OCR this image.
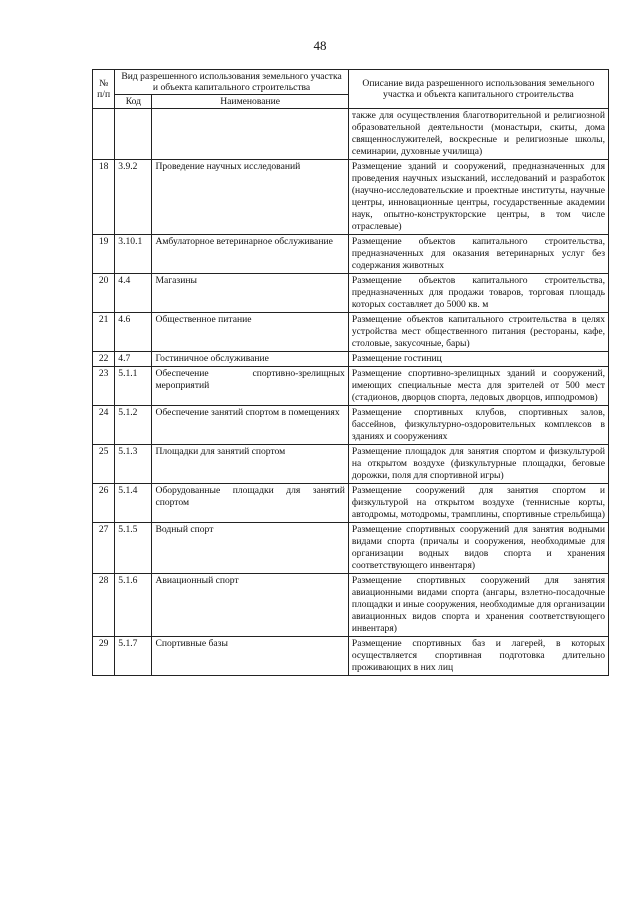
48
№ п/п	Вид разрешенного использования земельного участка и объекта капитального строительства		Описание вида разрешенного использования земельного участка и объекта капитального строительства
	Код	Наименование	
			также для осуществления благотворительной и религиозной образовательной деятельности (монастыри, скиты, дома священнослужителей, воскресные и религиозные школы, семинарии, духовные училища)
18	3.9.2	Проведение научных исследований	Размещение зданий и сооружений, предназначенных для проведения научных изысканий, исследований и разработок (научно-исследовательские и проектные институты, научные центры, инновационные центры, государственные академии наук, опытно-конструкторские центры, в том числе отраслевые)
19	3.10.1	Амбулаторное ветеринарное обслуживание	Размещение объектов капитального строительства, предназначенных для оказания ветеринарных услуг без содержания животных
20	4.4	Магазины	Размещение объектов капитального строительства, предназначенных для продажи товаров, торговая площадь которых составляет до 5000 кв. м
21	4.6	Общественное питание	Размещение объектов капитального строительства в целях устройства мест общественного питания (рестораны, кафе, столовые, закусочные, бары)
22	4.7	Гостиничное обслуживание	Размещение гостиниц
23	5.1.1	Обеспечение спортивно-зрелищных мероприятий	Размещение спортивно-зрелищных зданий и сооружений, имеющих специальные места для зрителей от 500 мест (стадионов, дворцов спорта, ледовых дворцов, ипподромов)
24	5.1.2	Обеспечение занятий спортом в помещениях	Размещение спортивных клубов, спортивных залов, бассейнов, физкультурно-оздоровительных комплексов в зданиях и сооружениях
25	5.1.3	Площадки для занятий спортом	Размещение площадок для занятия спортом и физкультурой на открытом воздухе (физкультурные площадки, беговые дорожки, поля для спортивной игры)
26	5.1.4	Оборудованные площадки для занятий спортом	Размещение сооружений для занятия спортом и физкультурой на открытом воздухе (теннисные корты, автодромы, мотодромы, трамплины, спортивные стрельбища)
27	5.1.5	Водный спорт	Размещение спортивных сооружений для занятия водными видами спорта (причалы и сооружения, необходимые для организации водных видов спорта и хранения соответствующего инвентаря)
28	5.1.6	Авиационный спорт	Размещение спортивных сооружений для занятия авиационными видами спорта (ангары, взлетно-посадочные площадки и иные сооружения, необходимые для организации авиационных видов спорта и хранения соответствующего инвентаря)
29	5.1.7	Спортивные базы	Размещение спортивных баз и лагерей, в которых осуществляется спортивная подготовка длительно проживающих в них лиц
